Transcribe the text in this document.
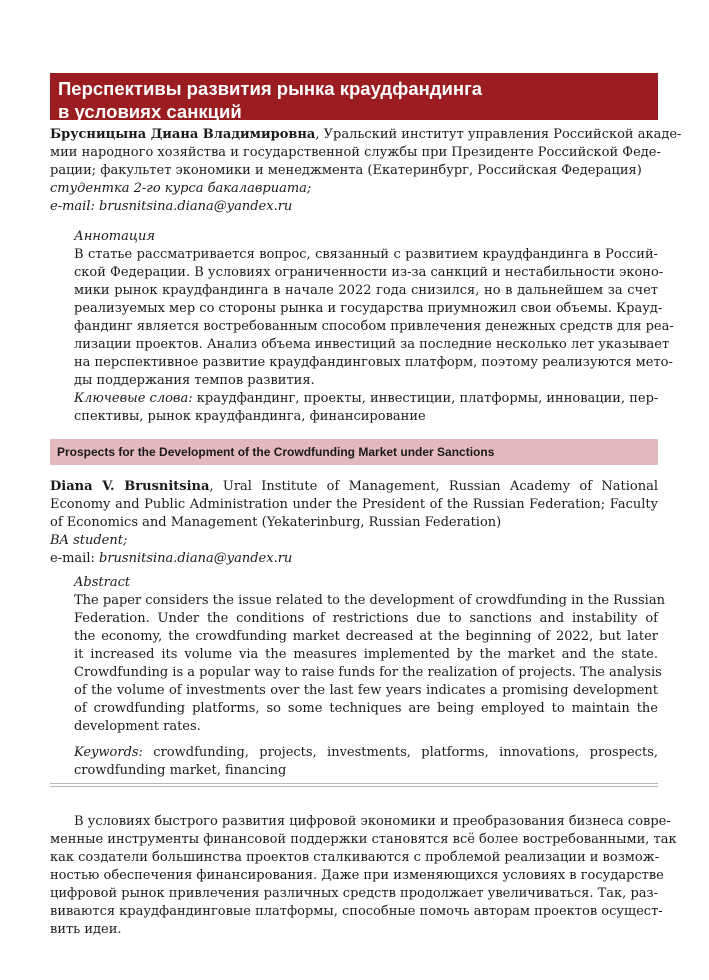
Перспективы развития рынка краудфандинга
в условиях санкций
Брусницына Диана Владимировна, Уральский институт управления Российской акаде-
мии народного хозяйства и государственной службы при Президенте Российской Феде-
рации; факультет экономики и менеджмента (Екатеринбург, Российская Федерация)
студентка 2-го курса бакалавриата;
e-mail: brusnitsina.diana@yandex.ru
Аннотация
В статье рассматривается вопрос, связанный с развитием краудфандинга в Россий-
ской Федерации. В условиях ограниченности из-за санкций и нестабильности эконо-
мики рынок краудфандинга в начале 2022 года снизился, но в дальнейшем за счет
реализуемых мер со стороны рынка и государства приумножил свои объемы. Крауд-
фандинг является востребованным способом привлечения денежных средств для реа-
лизации проектов. Анализ объема инвестиций за последние несколько лет указывает
на перспективное развитие краудфандинговых платформ, поэтому реализуются мето-
ды поддержания темпов развития.
Ключевые слова: краудфандинг, проекты, инвестиции, платформы, инновации, пер-
спективы, рынок краудфандинга, финансирование
Prospects for the Development of the Crowdfunding Market under Sanctions
Diana V. Brusnitsina, Ural Institute of Management, Russian Academy of National
Economy and Public Administration under the President of the Russian Federation; Faculty
of Economics and Management (Yekaterinburg, Russian Federation)
BA student;
e-mail: brusnitsina.diana@yandex.ru
Abstract
The paper considers the issue related to the development of crowdfunding in the Russian
Federation. Under the conditions of restrictions due to sanctions and instability of
the economy, the crowdfunding market decreased at the beginning of 2022, but later
it increased its volume via the measures implemented by the market and the state.
Crowdfunding is a popular way to raise funds for the realization of projects. The analysis
of the volume of investments over the last few years indicates a promising development
of crowdfunding platforms, so some techniques are being employed to maintain the
development rates.
Keywords: crowdfunding, projects, investments, platforms, innovations, prospects,
crowdfunding market, financing
В условиях быстрого развития цифровой экономики и преобразования бизнеса совре-
менные инструменты финансовой поддержки становятся всё более востребованными, так
как создатели большинства проектов сталкиваются с проблемой реализации и возмож-
ностью обеспечения финансирования. Даже при изменяющихся условиях в государстве
цифровой рынок привлечения различных средств продолжает увеличиваться. Так, раз-
виваются краудфандинговые платформы, способные помочь авторам проектов осущест-
вить идеи.
